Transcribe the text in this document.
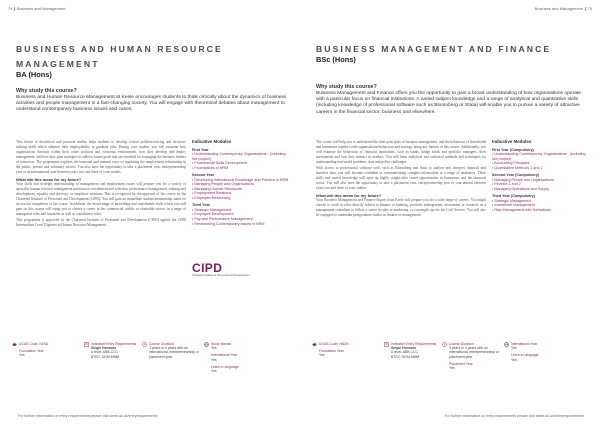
74 Business and Management
BUSINESS AND HUMAN RESOURCE MANAGEMENT
BA (Hons)
Why study this course?
Business and Human Resource Management at Keele encourages students to think critically about the dynamics of business activities and people management in a fast-changing society. You will engage with theoretical debates about management to understand contemporary business issues and cases.

This fusion of theoretical and practical studies helps students to develop critical problem-solving and decision-making skills which enhance their employability in graduate jobs. During your studies, you will examine how organisations function within their wider political and economic environment, how they develop and deploy management, and how they plan strategies to address future goals that are essential for managing the business leaders of tomorrow. The programme explores the tensional and internal ways of regulating the employment relationship in the public, private and voluntary sectors. You also have the opportunity to take a placement year, entrepreneurship year or an international year between years two and three of your studies.

What will this mean for my future?

Your skills and in-depth understanding of management and employment issues will prepare you for a variety of specialist human resource management positions in recruitment and selection, performance management, training and development, equality and diversity, or employee relations. This is recognised by the approval of the course by the Chartered Institute of Personnel and Development (CIPD). You will gain an immediate student membership status on successful completion of the course. In addition, the broad range of knowledge and transferable skills which you will gain on this course will equip you to choose a career in the commercial, public or charitable sectors in a range of managerial roles and functions as well as consultancy roles.

This programme is approved by the Chartered Institute of Personnel and Development (CIPD) against the CIPD Intermediate Level Diploma in Human Resource Management.

Indicative Modules
First Year
• Understanding Contemporary Organisations - (including live project)
• Professional Skills Development
• Foundations of HRM
Second Year
• Developing International Knowledge and Practice in HRM
• Managing People and Organisations
• Managing Human Resources
• Employment Relations
• Employee Resourcing
Third Year
• Strategic Management
• Employee Development
• Pay and Performance Management
• Researching Contemporary Issues in HRM
CIPD
Chartered Institute of Personnel and Development
UCAS Code: N1N6
Foundation Year
Yes
Indicative Entry Requirements
Single Honours
A level: ABB-CCC
BTEC: DDM-MMM
Course Duration
3 years or 4 years with an international, entrepreneurship or placement year
Study abroad
Yes
International Year
Yes
Learn a Language
Yes
For further information on entry requirements please visit keele.ac.uk/entryrequirements
Business and Management 75
BUSINESS MANAGEMENT AND FINANCE
BSc (Hons)
Why study this course?
Business Management and Finance offers you the opportunity to gain a broad understanding of how organisations operate with a particular focus on financial institutions. A varied subject knowledge and a range of analytical and quantitative skills (including knowledge of professional software such as Bloomberg or Stata) will enable you to pursue a variety of attractive careers in the financial sector, business and elsewhere.

The course will help you to understand the finer principles of business management, and the behaviour of households and businesses together with organisational behaviour and strategy, being key themes of this course. Additionally, you will examine the behaviour of financial institutions, such as banks, hedge funds and portfolio managers, their investments and how they interact in markets. You will learn analytical and statistical methods and techniques for understanding real-world problems, data and policy challenges.

With access to professional software tools such as Bloomberg and Stata to analyse and interpret financial and business data, you will become confident in communicating complex information to a range of audiences. These skills and varied knowledge will open up highly sought-after career opportunities in businesses and the financial sector. You will also have the opportunity to take a placement year, entrepreneurship year or year abroad between years two and three of your studies.

What will this mean for my future?

Your Business Management and Finance degree from Keele will prepare you for a wide range of careers. You might choose to work in roles directly related to finance or banking, portfolio management, investment or research, as a management consultant or follow a career in sales or marketing, or you might opt for the Civil Service. You will also be equipped to undertake postgraduate studies in finance or management.

Indicative Modules
First Year (Compulsory)
• Understanding Contemporary Organisations - (including live project)
• Accounting Principles
• Quantitative Methods 1 and 2
Second Year (Compulsory)
• Managing People and Organisations
• Finance 1 and 2
• Managing Operations and Supply
Third Year (Compulsory)
• Strategic Management
• Investment Management
• Risk Management with Derivatives
UCAS Code: NN3N
Foundation Year
Yes
Indicative Entry Requirements
Single Honours
A level: ABB-CCC
BTEC: DDM-MMM
Course Duration
3 years or 4 years with an international, entrepreneurship or placement year
Placement Year
Yes
International Year
Yes
Learn a Language
Yes
For further information on entry requirements please visit keele.ac.uk/entryrequirements
